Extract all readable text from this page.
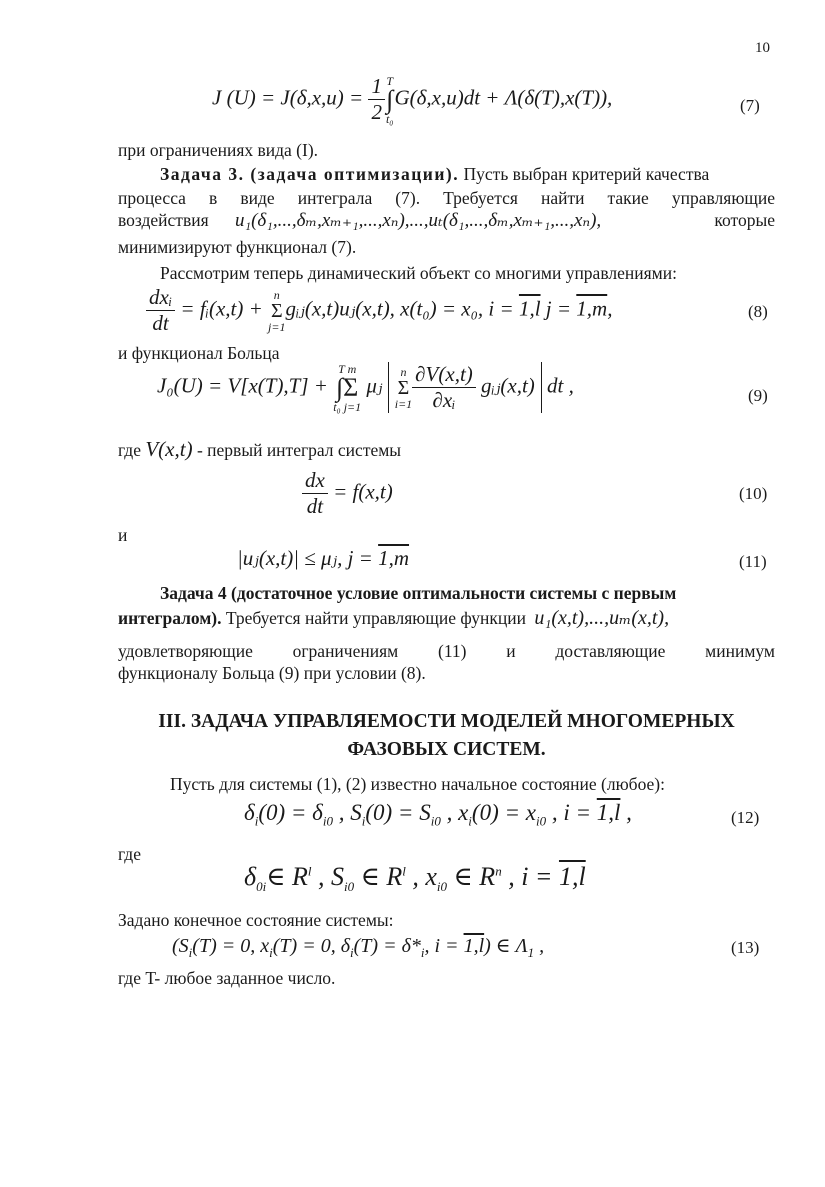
10
J $(U) = J(\delta,x,u) = \frac{1}{2}$ T
∫
t₀
G(δ,x,u)dt + Λ(δ(T),x(T)),	(7)
при ограничениях вида (I).
Задача 3. (задача оптимизации). Пусть выбран критерий качества
процесса в виде интеграла (7). Требуется найти такие управляющие
воздействия u₁(δ₁,...,δₘ,xₘ₊₁,...,xₙ),...,uₜ(δ₁,...,δₘ,xₘ₊₁,...,xₙ),	которые
минимизируют функционал (7).
Рассмотрим теперь динамический объект со многими управлениями:
$\frac{\text{dxᵢ}}{dt}$ = fᵢ(x,t) +
n
Σ
j=1
gᵢⱼ(x,t)uⱼ(x,t), x(t₀) = x₀, i = 1,l j = 1,m,	(8)
и функционал Больца
J₀(U) = V[x(T),T] +
T m
∫Σ
t₀ j=1
μⱼ
n
Σ
$i=1 \frac{\partial V(x,t)}{\text{∂xᵢ}}$ gᵢⱼ(x,t) dt ,	(9)
где V(x,t) - первый интеграл системы
$\frac{dx}{dt} = f(x,t)$	(10)
и
|uⱼ(x,t)| ≤ μⱼ, j = 1,m	(11)
Задача 4 (достаточное условие оптимальности системы с первым
интегралом). Требуется найти управляющие функции u₁(x,t),...,uₘ(x,t),
удовлетворяющие ограничениям (11) и доставляющие минимум
функционалу Больца (9) при условии (8).
III. ЗАДАЧА УПРАВЛЯЕМОСТИ МОДЕЛЕЙ МНОГОМЕРНЫХ
ФАЗОВЫХ СИСТЕМ.
Пусть для системы (1), (2) известно начальное состояние (любое):
$\delta_i(0) = \delta_{i0}$ , $S_i(0) = S_{i0}$ , $x_i(0) = x_{i0}$ , i = 1,l ,	(12)
где
$\delta_{0i}\in$ $R^l$ , $S_{i0}$ ∈ $R^l$ , $x_{i0}$ ∈ $R^n$ , i = 1,l
Задано конечное состояние системы:
($S_i(T) = 0$, $x_i(T) = 0$, $\delta_i(T) = \delta*_i$, i = 1,l) ∈ $\Lambda_1$ ,	(13)
где T- любое заданное число.
